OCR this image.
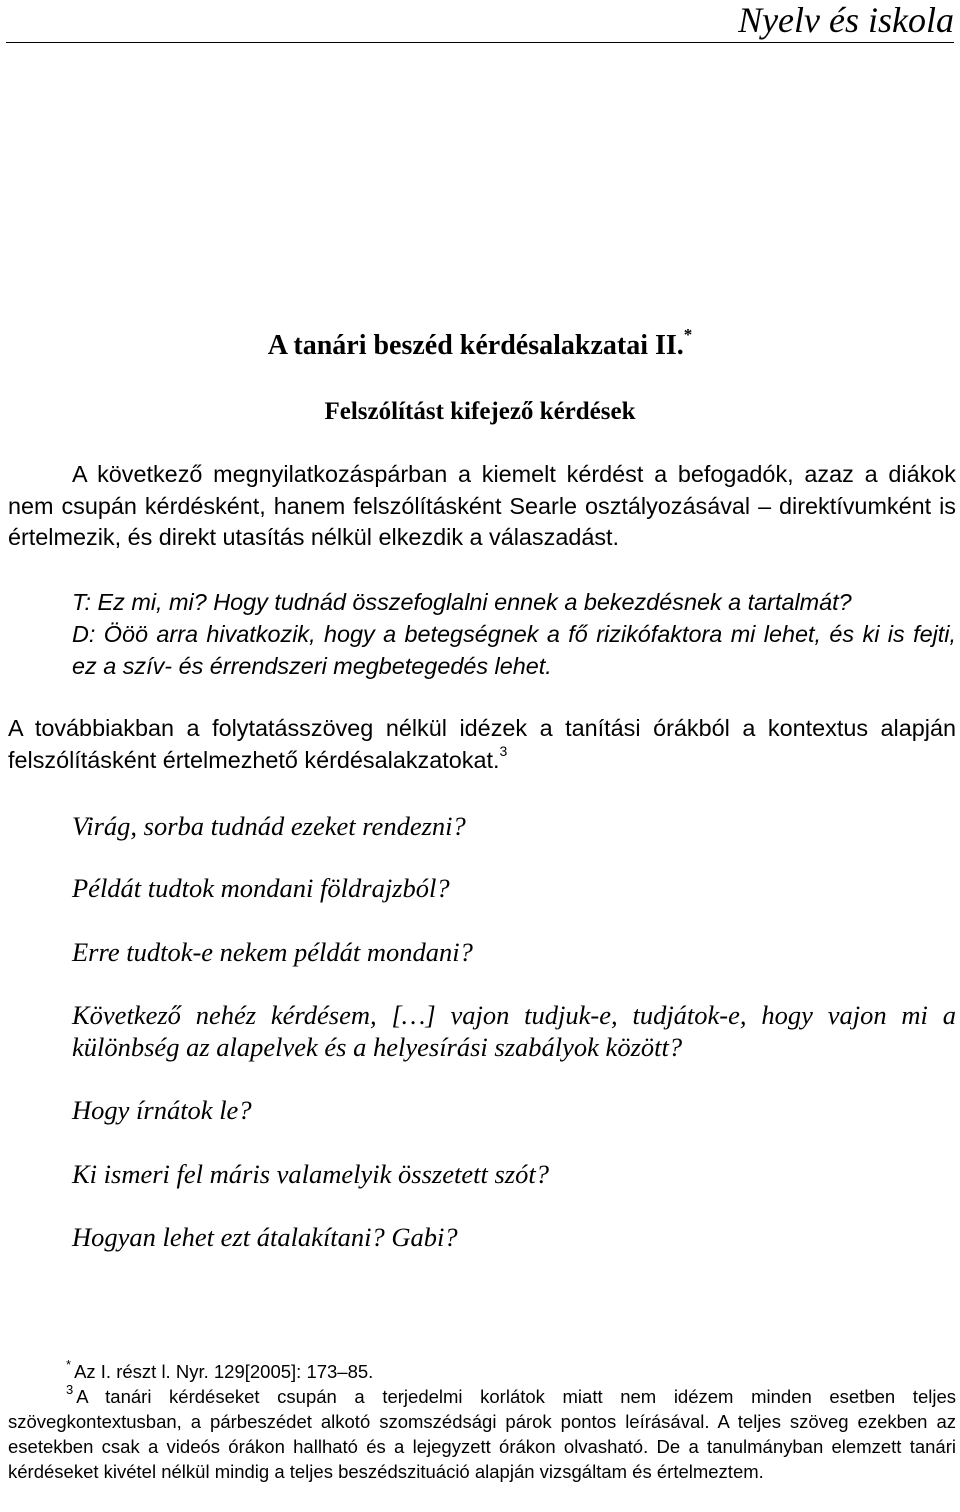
Nyelv és iskola
A tanári beszéd kérdésalakzatai II.*
Felszólítást kifejező kérdések
A következő megnyilatkozáspárban a kiemelt kérdést a befogadók, azaz a diákok nem csupán kérdésként, hanem felszólításként Searle osztályozásával – direktívumként is értelmezik, és direkt utasítás nélkül elkezdik a válaszadást.
T: Ez mi, mi? Hogy tudnád összefoglalni ennek a bekezdésnek a tartalmát?
D: Ööö arra hivatkozik, hogy a betegségnek a fő rizikófaktora mi lehet, és ki is fejti, ez a szív- és érrendszeri megbetegedés lehet.
A továbbiakban a folytatásszöveg nélkül idézek a tanítási órákból a kontextus alapján felszólításként értelmezhető kérdésalakzatokat.$^3$
Virág, sorba tudnád ezeket rendezni?
Példát tudtok mondani földrajzból?
Erre tudtok-e nekem példát mondani?
Következő nehéz kérdésem, […] vajon tudjuk-e, tudjátok-e, hogy vajon mi a különbség az alapelvek és a helyesírási szabályok között?
Hogy írnátok le?
Ki ismeri fel máris valamelyik összetett szót?
Hogyan lehet ezt átalakítani? Gabi?
* Az I. részt l. Nyr. 129[2005]: 173–85.
$^3$ A tanári kérdéseket csupán a terjedelmi korlátok miatt nem idézem minden esetben teljes szövegkontextusban, a párbeszédet alkotó szomszédsági párok pontos leírásával. A teljes szöveg ezekben az esetekben csak a videós órákon hallható és a lejegyzett órákon olvasható. De a tanulmányban elemzett tanári kérdéseket kivétel nélkül mindig a teljes beszédszituáció alapján vizsgáltam és értelmeztem.
